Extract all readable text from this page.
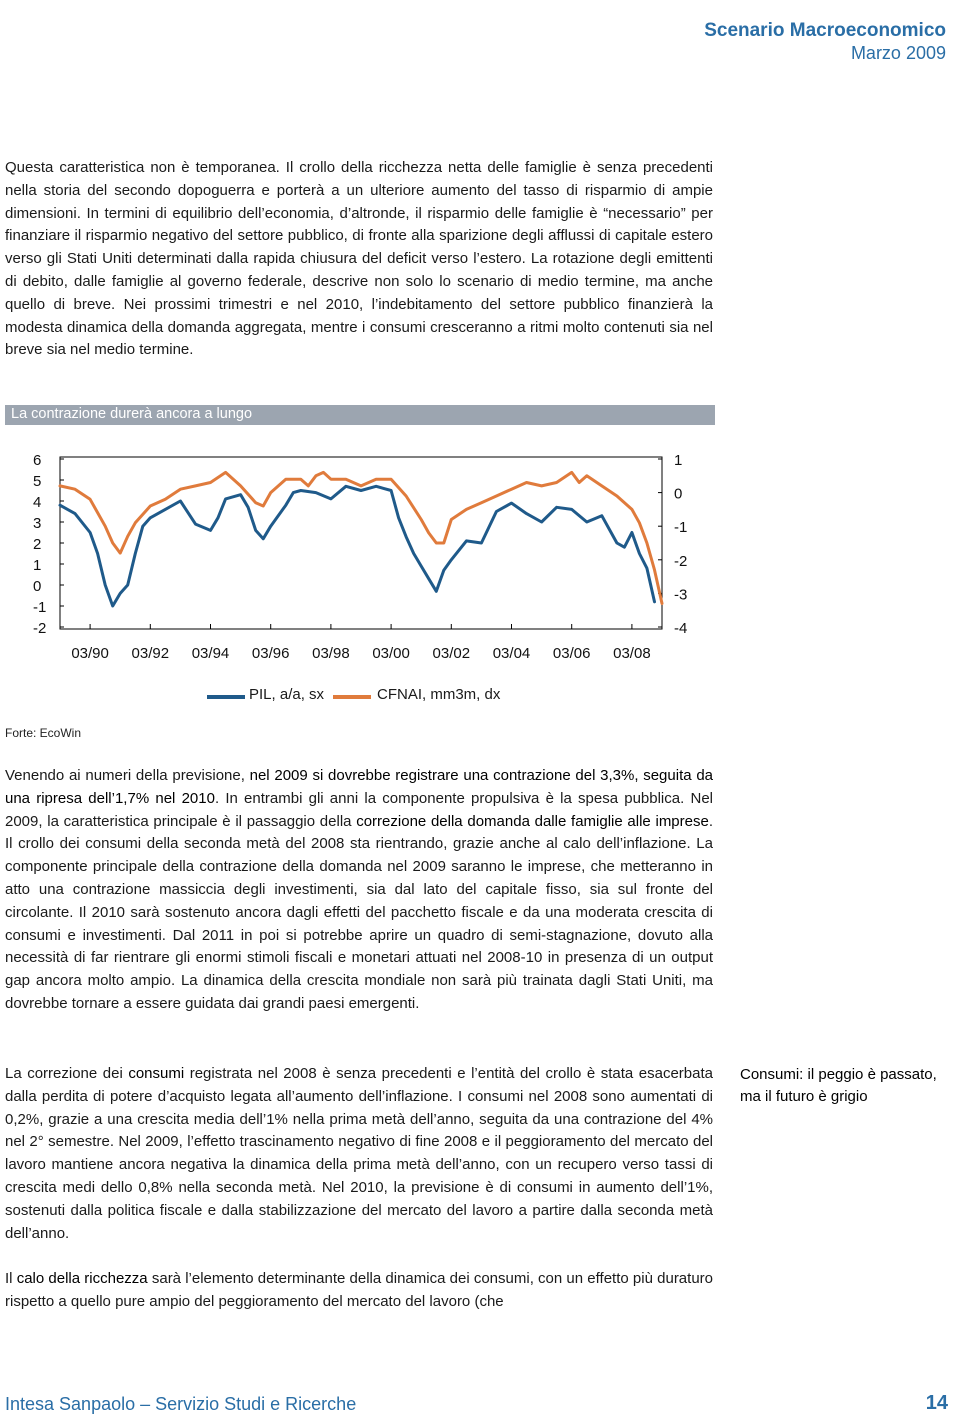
Scenario Macroeconomico
Marzo 2009

Questa caratteristica non è temporanea. Il crollo della ricchezza netta delle famiglie è senza precedenti nella storia del secondo dopoguerra e porterà a un ulteriore aumento del tasso di risparmio di ampie dimensioni. In termini di equilibrio dell’economia, d’altronde, il risparmio delle famiglie è “necessario” per finanziare il risparmio negativo del settore pubblico, di fronte alla sparizione degli afflussi di capitale estero verso gli Stati Uniti determinati dalla rapida chiusura del deficit verso l’estero. La rotazione degli emittenti di debito, dalle famiglie al governo federale, descrive non solo lo scenario di medio termine, ma anche quello di breve. Nei prossimi trimestri e nel 2010, l’indebitamento del settore pubblico finanzierà la modesta dinamica della domanda aggregata, mentre i consumi cresceranno a ritmi molto contenuti sia nel breve sia nel medio termine.

La contrazione durerà ancora a lungo
6
5
4
3
2
1
0
-1
-2
1
0
-1
-2
-3
-4
03/90 03/92 03/94 03/96 03/98 03/00 03/02 03/04 03/06 03/08
PIL, a/a, sx	CFNAI, mm3m, dx
Forte: EcoWin

Venendo ai numeri della previsione, nel 2009 si dovrebbe registrare una contrazione del 3,3%, seguita da una ripresa dell’1,7% nel 2010. In entrambi gli anni la componente propulsiva è la spesa pubblica. Nel 2009, la caratteristica principale è il passaggio della correzione della domanda dalle famiglie alle imprese. Il crollo dei consumi della seconda metà del 2008 sta rientrando, grazie anche al calo dell’inflazione. La componente principale della contrazione della domanda nel 2009 saranno le imprese, che metteranno in atto una contrazione massiccia degli investimenti, sia dal lato del capitale fisso, sia sul fronte del circolante. Il 2010 sarà sostenuto ancora dagli effetti del pacchetto fiscale e da una moderata crescita di consumi e investimenti. Dal 2011 in poi si potrebbe aprire un quadro di semi-stagnazione, dovuto alla necessità di far rientrare gli enormi stimoli fiscali e monetari attuati nel 2008-10 in presenza di un output gap ancora molto ampio. La dinamica della crescita mondiale non sarà più trainata dagli Stati Uniti, ma dovrebbe tornare a essere guidata dai grandi paesi emergenti.

La correzione dei consumi registrata nel 2008 è senza precedenti e l’entità del crollo è stata esacerbata dalla perdita di potere d’acquisto legata all’aumento dell’inflazione. I consumi nel 2008 sono aumentati di 0,2%, grazie a una crescita media dell’1% nella prima metà dell’anno, seguita da una contrazione del 4% nel 2° semestre. Nel 2009, l’effetto trascinamento negativo di fine 2008 e il peggioramento del mercato del lavoro mantiene ancora negativa la dinamica della prima metà dell’anno, con un recupero verso tassi di crescita medi dello 0,8% nella seconda metà. Nel 2010, la previsione è di consumi in aumento dell’1%, sostenuti dalla politica fiscale e dalla stabilizzazione del mercato del lavoro a partire dalla seconda metà dell’anno.

Consumi: il peggio è passato, ma il futuro è grigio

Il calo della ricchezza sarà l’elemento determinante della dinamica dei consumi, con un effetto più duraturo rispetto a quello pure ampio del peggioramento del mercato del lavoro (che

Intesa Sanpaolo – Servizio Studi e Ricerche	14
